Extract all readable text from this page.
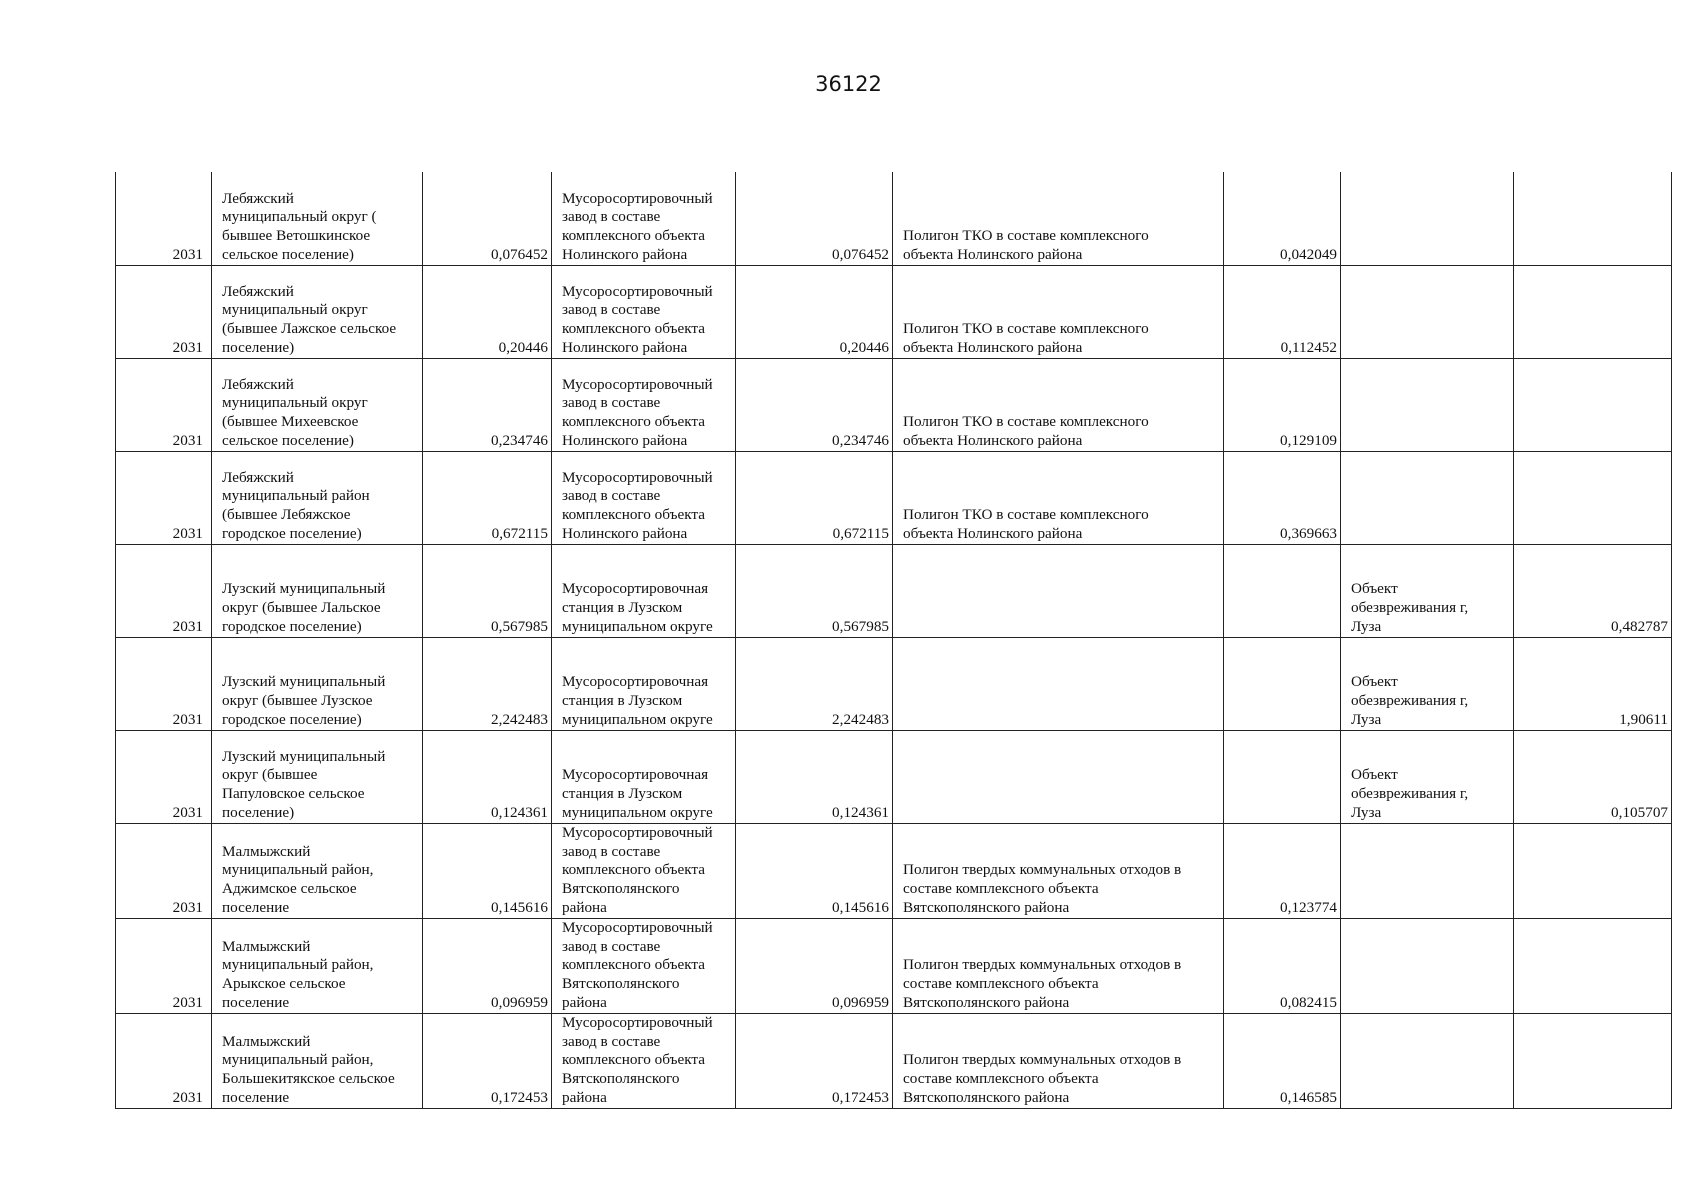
36122
2031	Лебяжский
муниципальный округ (
бывшее Ветошкинское
сельское поселение)	0,076452	Мусоросортировочный
завод в составе
комплексного объекта
Нолинского района	0,076452	Полигон ТКО в составе комплексного
объекта Нолинского района	0,042049		
2031	Лебяжский
муниципальный округ
(бывшее Лажское сельское
поселение)	0,20446	Мусоросортировочный
завод в составе
комплексного объекта
Нолинского района	0,20446	Полигон ТКО в составе комплексного
объекта Нолинского района	0,112452		
2031	Лебяжский
муниципальный округ
(бывшее Михеевское
сельское поселение)	0,234746	Мусоросортировочный
завод в составе
комплексного объекта
Нолинского района	0,234746	Полигон ТКО в составе комплексного
объекта Нолинского района	0,129109		
2031	Лебяжский
муниципальный район
(бывшее Лебяжское
городское поселение)	0,672115	Мусоросортировочный
завод в составе
комплексного объекта
Нолинского района	0,672115	Полигон ТКО в составе комплексного
объекта Нолинского района	0,369663		
2031	Лузский муниципальный
округ (бывшее Лальское
городское поселение)	0,567985	Мусоросортировочная
станция в Лузском
муниципальном округе	0,567985			Объект
обезвреживания г,
Луза	0,482787
2031	Лузский муниципальный
округ (бывшее Лузское
городское поселение)	2,242483	Мусоросортировочная
станция в Лузском
муниципальном округе	2,242483			Объект
обезвреживания г,
Луза	1,90611
2031	Лузский муниципальный
округ (бывшее
Папуловское сельское
поселение)	0,124361	Мусоросортировочная
станция в Лузском
муниципальном округе	0,124361			Объект
обезвреживания г,
Луза	0,105707
2031	Малмыжский
муниципальный район,
Аджимское сельское
поселение	0,145616	Мусоросортировочный
завод в составе
комплексного объекта
Вятскополянского
района	0,145616	Полигон твердых коммунальных отходов в
составе комплексного объекта
Вятскополянского района	0,123774		
2031	Малмыжский
муниципальный район,
Арыкское сельское
поселение	0,096959	Мусоросортировочный
завод в составе
комплексного объекта
Вятскополянского
района	0,096959	Полигон твердых коммунальных отходов в
составе комплексного объекта
Вятскополянского района	0,082415		
2031	Малмыжский
муниципальный район,
Большекитякское сельское
поселение	0,172453	Мусоросортировочный
завод в составе
комплексного объекта
Вятскополянского
района	0,172453	Полигон твердых коммунальных отходов в
составе комплексного объекта
Вятскополянского района	0,146585		
